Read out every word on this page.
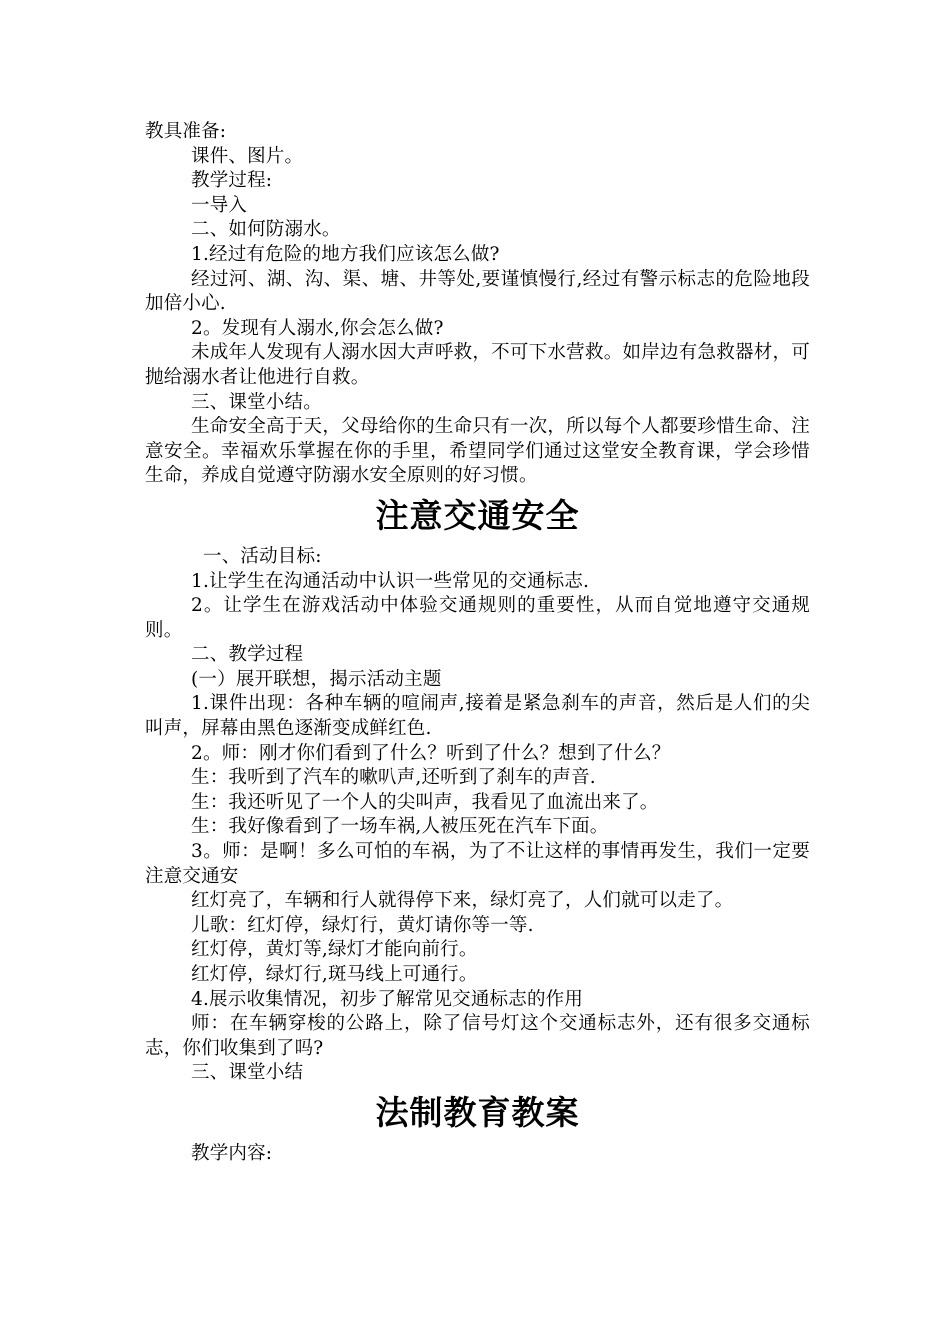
教具准备:

课件、图片。

教学过程:

一导入

二、如何防溺水。

1.经过有危险的地方我们应该怎么做?

经过河、湖、沟、渠、塘、井等处,要谨慎慢行,经过有警示标志的危险地段加倍小心.

2。发现有人溺水,你会怎么做?

未成年人发现有人溺水因大声呼救，不可下水营救。如岸边有急救器材，可抛给溺水者让他进行自救。

三、课堂小结。

生命安全高于天，父母给你的生命只有一次，所以每个人都要珍惜生命、注意安全。幸福欢乐掌握在你的手里，希望同学们通过这堂安全教育课，学会珍惜生命，养成自觉遵守防溺水安全原则的好习惯。

注意交通安全

一、活动目标:

1.让学生在沟通活动中认识一些常见的交通标志.

2。让学生在游戏活动中体验交通规则的重要性，从而自觉地遵守交通规则。

二、教学过程

(一）展开联想，揭示活动主题

1.课件出现：各种车辆的喧闹声,接着是紧急刹车的声音，然后是人们的尖叫声，屏幕由黑色逐渐变成鲜红色.

2。师：刚才你们看到了什么？听到了什么？想到了什么？

生：我听到了汽车的嗽叭声,还听到了刹车的声音.

生：我还听见了一个人的尖叫声，我看见了血流出来了。

生：我好像看到了一场车祸,人被压死在汽车下面。

3。师：是啊！多么可怕的车祸，为了不让这样的事情再发生，我们一定要注意交通安

红灯亮了，车辆和行人就得停下来，绿灯亮了，人们就可以走了。

儿歌：红灯停，绿灯行，黄灯请你等一等.

红灯停，黄灯等,绿灯才能向前行。

红灯停，绿灯行,斑马线上可通行。

4.展示收集情况，初步了解常见交通标志的作用

师：在车辆穿梭的公路上，除了信号灯这个交通标志外，还有很多交通标志，你们收集到了吗?

三、课堂小结

法制教育教案

教学内容:
